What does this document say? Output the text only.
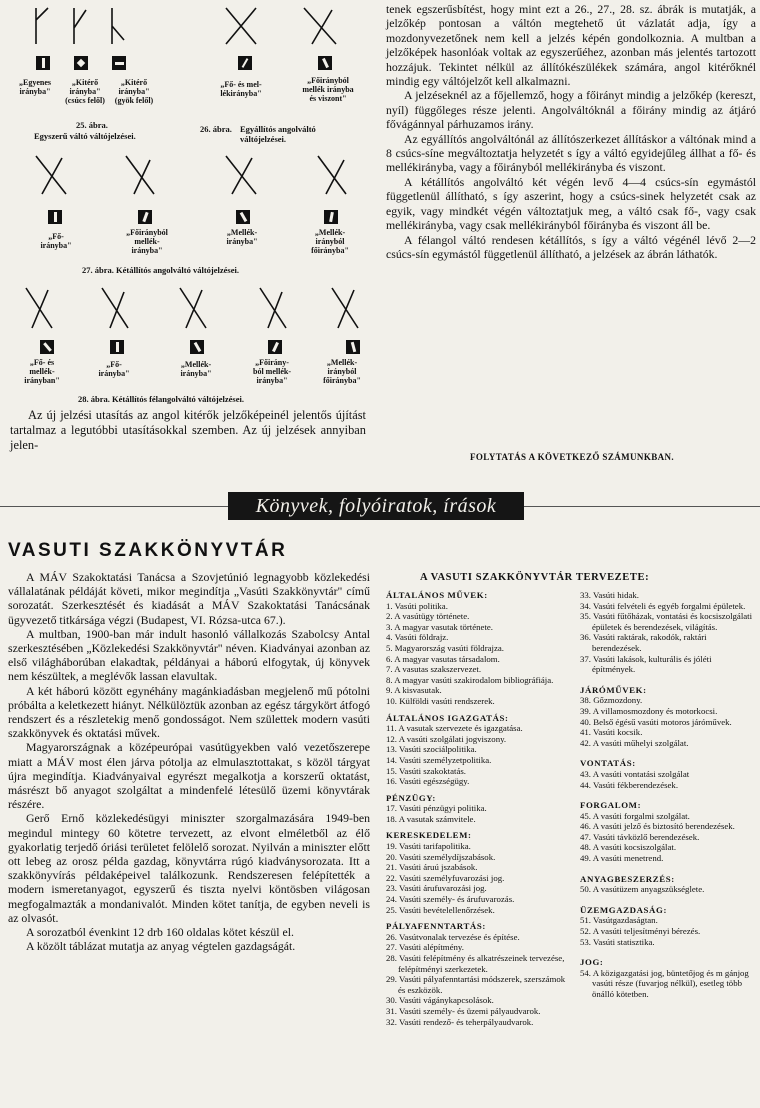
„Egyenes
irányba"
„Kitérő
irányba"
(csúcs felől)
„Kitérő
irányba"
(gyök felől)
„Fő- és mel-
lékirányba"
„Főirányból
mellék irányba
és viszont"
25. ábra.
Egyszerű váltó váltójelzései.
26. ábra. Egyállítós angolváltó váltójelzései.
„Fő-
irányba"
„Főirányból
mellék-
irányba"
„Mellék-
irányba"
„Mellék-
irányból
főirányba"
27. ábra. Kétállítós angolváltó váltójelzései.
„Fő- és
mellék-
irányban"
„Fő-
irányba"
„Mellék-
irányba"
„Főirány-
ból mellék-
irányba"
„Mellék-
irányból
főirányba"
28. ábra. Kétállítós félangolváltó váltójelzései.

Az új jelzési utasítás az angol kitérők jelzőképeinél jelentős újítást tartalmaz a legutóbbi utasításokkal szemben. Az új jelzések annyiban jelen-

tenek egszerűsbítést, hogy mint ezt a 26., 27., 28. sz. ábrák is mutatják, a jelzőkép pontosan a váltón megtehető út vázlatát adja, így a mozdonyvezetőnek nem kell a jelzés képén gondolkoznia. A multban a jelzőképek hasonlóak voltak az egyszerűéhez, azonban más jelentés tartozott hozzájuk. Tekintet nélkül az állítókészülékek számára, angol kitérőknél mindig egy váltójelzőt kell alkalmazni.

A jelzéseknél az a főjellemző, hogy a főirányt mindig a jelzőkép (kereszt, nyíl) függőleges része jelenti. Angolváltóknál a főirány mindig az átjáró fővágánnyal párhuzamos irány.

Az egyállítós angolváltónál az állítószerkezet állításkor a váltónak mind a 8 csúcs-síne megváltoztatja helyzetét s így a váltó egyidejűleg állhat a fő- és mellékirányba, vagy a főirányból mellékirányba és viszont.

A kétállítós angolváltó két végén levő 4—4 csúcs-sín egymástól függetlenül állítható, s így aszerint, hogy a csúcs-sinek helyzetét csak az egyik, vagy mindkét végén változtatjuk meg, a váltó csak fő-, vagy csak mellékirányba, vagy csak mellékirányból főirányba és viszont áll be.

A félangol váltó rendesen kétállítós, s így a váltó végénél lévő 2—2 csúcs-sín egymástól függetlenül állítható, a jelzések az ábrán láthatók.

FOLYTATÁS A KÖVETKEZŐ SZÁMUNKBAN.
Könyvek, folyóiratok, írások
VASUTI SZAKKÖNYVTÁR

A MÁV Szakoktatási Tanácsa a Szovjetúnió legnagyobb közlekedési vállalatának példáját követi, mikor megindítja „Vasúti Szakkönyvtár" című sorozatát. Szerkesztését és kiadását a MÁV Szakoktatási Tanácsának ügyvezető titkársága végzi (Budapest, VI. Rózsa-utca 67.).

A multban, 1900-ban már indult hasonló vállalkozás Szabolcsy Antal szerkesztésében „Közlekedési Szakkönyvtár" néven. Kiadványai azonban az első világháborúban elakadtak, példányai a háború elfogytak, új könyvek nem készültek, a meglévők lassan elavultak.

A két háború között egynéhány magánkiadásban megjelenő mű pótolni próbálta a keletkezett hiányt. Nélkülöztük azonban az egész tárgykört átfogó rendszert és a részletekig menő gondosságot. Nem születtek modern vasúti szakkönyvek és oktatási művek.

Magyarországnak a középeurópai vasútügyekben való vezetőszerepe miatt a MÁV most élen járva pótolja az elmulasztottakat, s közöl tárgyat újra megindítja. Kiadványaival egyrészt megalkotja a korszerű oktatást, másrészt bő anyagot szolgáltat a mindenfelé létesülő üzemi könyvtárak részére.

Gerő Ernő közlekedésügyi miniszter szorgalmazására 1949-ben megindul mintegy 60 kötetre tervezett, az elvont elméletből az élő gyakorlatig terjedő óriási területet felölelő sorozat. Nyilván a miniszter előtt ott lebeg az orosz példa gazdag, könyvtárra rúgó kiadványsorozata. Itt a szakkönyvírás példaképeivel találkozunk. Rendszeresen felépítették a modern ismeretanyagot, egyszerű és tiszta nyelvi köntösben világosan megfogalmazták a mondanivalót. Minden kötet tanítja, de egyben neveli is az olvasót.

A sorozatból évenkint 12 drb 160 oldalas kötet készül el.

A közölt táblázat mutatja az anyag végtelen gazdagságát.

A VASUTI SZAKKÖNYVTÁR TERVEZETE:
ÁLTALÁNOS MŰVEK:
1. Vasúti politika.
2. A vasútügy története.
3. A magyar vasutak története.
4. Vasúti földrajz.
5. Magyarország vasúti földrajza.
6. A magyar vasutas társadalom.
7. A vasutas szakszervezet.
8. A magyar vasúti szakirodalom bibliográfiája.
9. A kisvasutak.
10. Külföldi vasúti rendszerek.
ÁLTALÁNOS IGAZGATÁS:
11. A vasutak szervezete és igazgatása.
12. A vasúti szolgálati jogviszony.
13. Vasúti szociálpolitika.
14. Vasúti személyzetpolitika.
15. Vasúti szakoktatás.
16. Vasúti egészségügy.
PÉNZÜGY:
17. Vasúti pénzügyi politika.
18. A vasutak számvitele.
KERESKEDELEM:
19. Vasúti tarifapolitika.
20. Vasúti személydíjszabások.
21. Vasúti áruú jszabások.
22. Vasúti személyfuvarozási jog.
23. Vasúti árufuvarozási jog.
24. Vasúti személy- és árufuvarozás.
25. Vasúti bevételellenőrzések.
PÁLYAFENNTARTÁS:
26. Vasútvonalak tervezése és építése.
27. Vasúti alépítmény.
28. Vasúti felépítmény és alkatrészeinek tervezése, felépítményi szerkezetek.
29. Vasúti pályafenntartási módszerek, szerszámok és eszközök.
30. Vasúti vágánykapcsolások.
31. Vasúti személy- és üzemi pályaudvarok.
32. Vasúti rendező- és teherpályaudvarok.
33. Vasúti hidak.
34. Vasúti felvételi és egyéb forgalmi épületek.
35. Vasúti fűtőházak, vontatási és kocsiszolgálati épületek és berendezések, világítás.
36. Vasúti raktárak, rakodók, raktári berendezések.
37. Vasúti lakások, kulturális és jóléti építmények.
JÁRÓMŰVEK:
38. Gőzmozdony.
39. A villamosmozdony és motorkocsi.
40. Belső égésű vasúti motoros járóművek.
41. Vasúti kocsik.
42. A vasúti műhelyi szolgálat.
VONTATÁS:
43. A vasúti vontatási szolgálat
44. Vasúti fékberendezések.
FORGALOM:
45. A vasúti forgalmi szolgálat.
46. A vasúti jelző és biztosító berendezések.
47. Vasúti távközlő berendezések.
48. A vasúti kocsiszolgálat.
49. A vasúti menetrend.
ANYAGBESZERZÉS:
50. A vasútüzem anyagszükséglete.
ÜZEMGAZDASÁG:
51. Vasútgazdaságtan.
52. A vasúti teljesítményi bérezés.
53. Vasúti statisztika.
JOG:
54. A közigazgatási jog, büntetőjog és m gánjog vasúti része (fuvarjog nélkül), esetleg több önálló kötetben.
